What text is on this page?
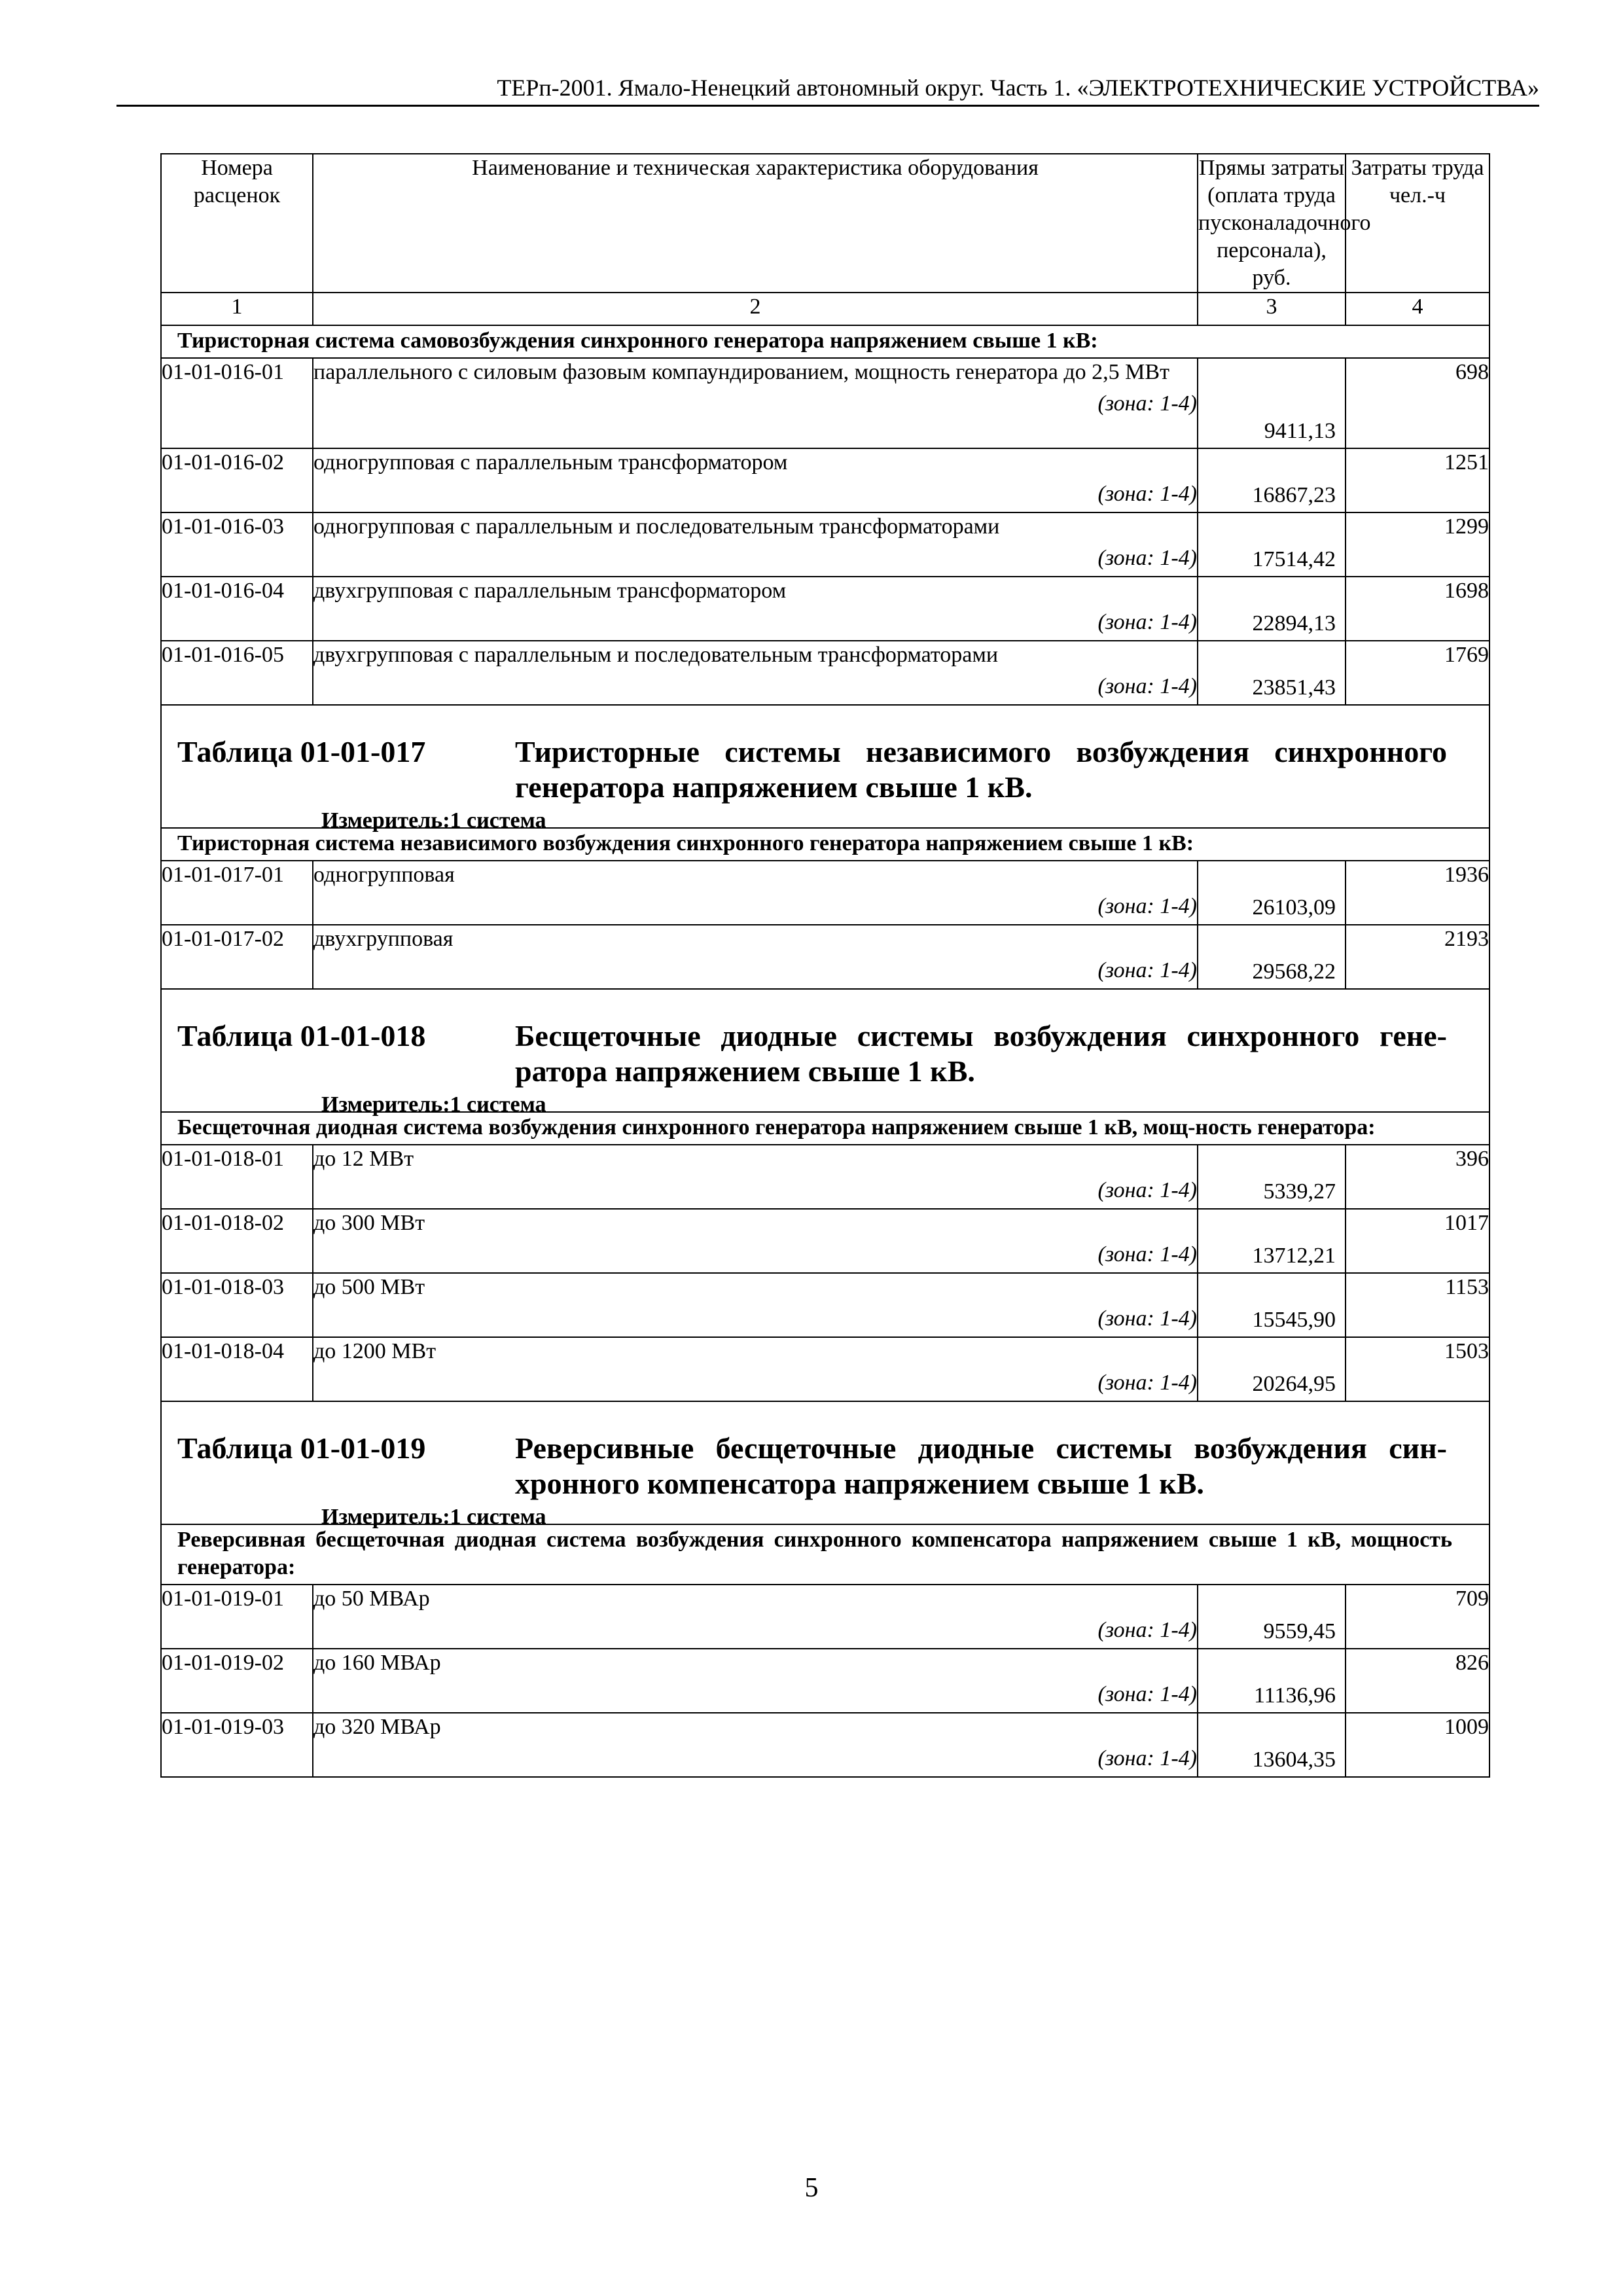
ТЕРп-2001. Ямало-Ненецкий автономный округ. Часть 1. «ЭЛЕКТРОТЕХНИЧЕСКИЕ УСТРОЙСТВА»
Номера расценок	Наименование и техническая характеристика оборудования	Прямы затраты (оплата труда пусконаладочного персонала), руб.	Затраты труда чел.-ч
1	2	3	4

Тиристорная система самовозбуждения синхронного генератора напряжением свыше 1 кВ:			

01-01-016-01	параллельного с силовым фазовым компаундированием, мощность генератора до 2,5 МВт
(зона: 1-4)	9411,13	698
01-01-016-02	одногрупповая с параллельным трансформатором
(зона: 1-4)	16867,23	1251
01-01-016-03	одногрупповая с параллельным и последовательным трансформаторами
(зона: 1-4)	17514,42	1299
01-01-016-04	двухгрупповая с параллельным трансформатором
(зона: 1-4)	22894,13	1698
01-01-016-05	двухгрупповая с параллельным и последовательным трансформаторами
(зона: 1-4)	23851,43	1769

Таблица 01-01-017 Тиристорные системы независимого возбуждения синхронного генератора напряжением свыше 1 кВ.
Измеритель:1 система			

Тиристорная система независимого возбуждения синхронного генератора напряжением свыше 1 кВ:			

01-01-017-01	одногрупповая
(зона: 1-4)	26103,09	1936
01-01-017-02	двухгрупповая
(зона: 1-4)	29568,22	2193

Таблица 01-01-018 Бесщеточные диодные системы возбуждения синхронного гене-ратора напряжением свыше 1 кВ.
Измеритель:1 система			

Бесщеточная диодная система возбуждения синхронного генератора напряжением свыше 1 кВ, мощ-ность генератора:			

01-01-018-01	до 12 МВт
(зона: 1-4)	5339,27	396
01-01-018-02	до 300 МВт
(зона: 1-4)	13712,21	1017
01-01-018-03	до 500 МВт
(зона: 1-4)	15545,90	1153
01-01-018-04	до 1200 МВт
(зона: 1-4)	20264,95	1503

Таблица 01-01-019 Реверсивные бесщеточные диодные системы возбуждения син-хронного компенсатора напряжением свыше 1 кВ.
Измеритель:1 система			

Реверсивная бесщеточная диодная система возбуждения синхронного компенсатора напряжением свыше 1 кВ, мощность генератора:			

01-01-019-01	до 50 МВАр
(зона: 1-4)	9559,45	709
01-01-019-02	до 160 МВАр
(зона: 1-4)	11136,96	826
01-01-019-03	до 320 МВАр
(зона: 1-4)	13604,35	1009
5
